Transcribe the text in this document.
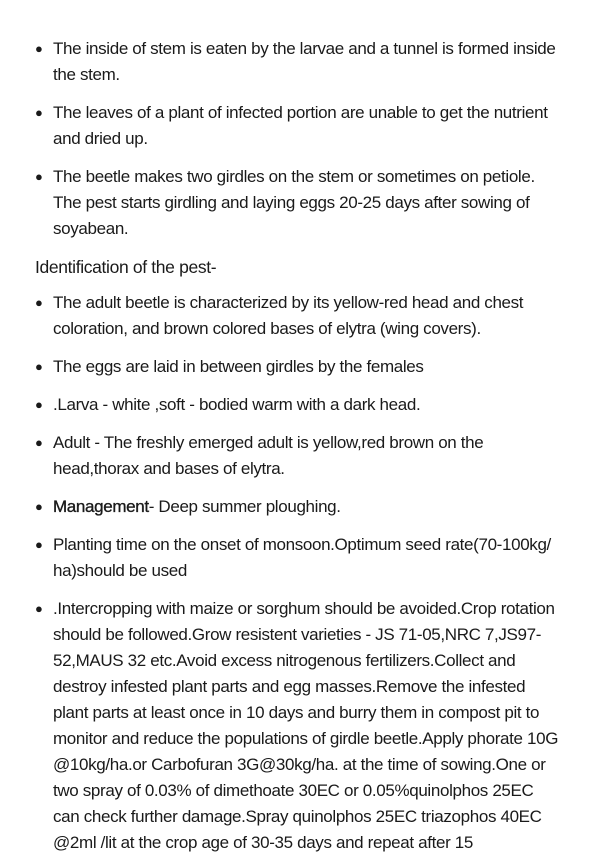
● The inside of stem is eaten by the larvae and a tunnel is formed inside the stem.
● The leaves of a plant of infected portion are unable to get the nutrient and dried up.
● The beetle makes two girdles on the stem or sometimes on petiole. The pest starts girdling and laying eggs 20-25 days after sowing of soyabean.
Identification of the pest-
● The adult beetle is characterized by its yellow-red head and chest coloration, and brown colored bases of elytra (wing covers).
● The eggs are laid in between girdles by the females
● .Larva - white ,soft - bodied warm with a dark head.
● Adult - The freshly emerged adult is yellow,red brown on the head,thorax and bases of elytra.
● Management- Deep summer ploughing.
● Planting time on the onset of monsoon.Optimum seed rate(70-100kg/ ha)should be used
● .Intercropping with maize or sorghum should be avoided.Crop rotation should be followed.Grow resistent varieties - JS 71-05,NRC 7,JS97-52,MAUS 32 etc.Avoid excess nitrogenous fertilizers.Collect and destroy infested plant parts and egg masses.Remove the infested plant parts at least once in 10 days and burry them in compost pit to monitor and reduce the populations of girdle beetle.Apply phorate 10G @10kg/ha.or Carbofuran 3G@30kg/ha. at the time of sowing.One or two spray of 0.03% of dimethoate 30EC or 0.05%quinolphos 25EC can check further damage.Spray quinolphos 25EC triazophos 40EC @2ml /lit at the crop age of 30-35 days and repeat after 15
